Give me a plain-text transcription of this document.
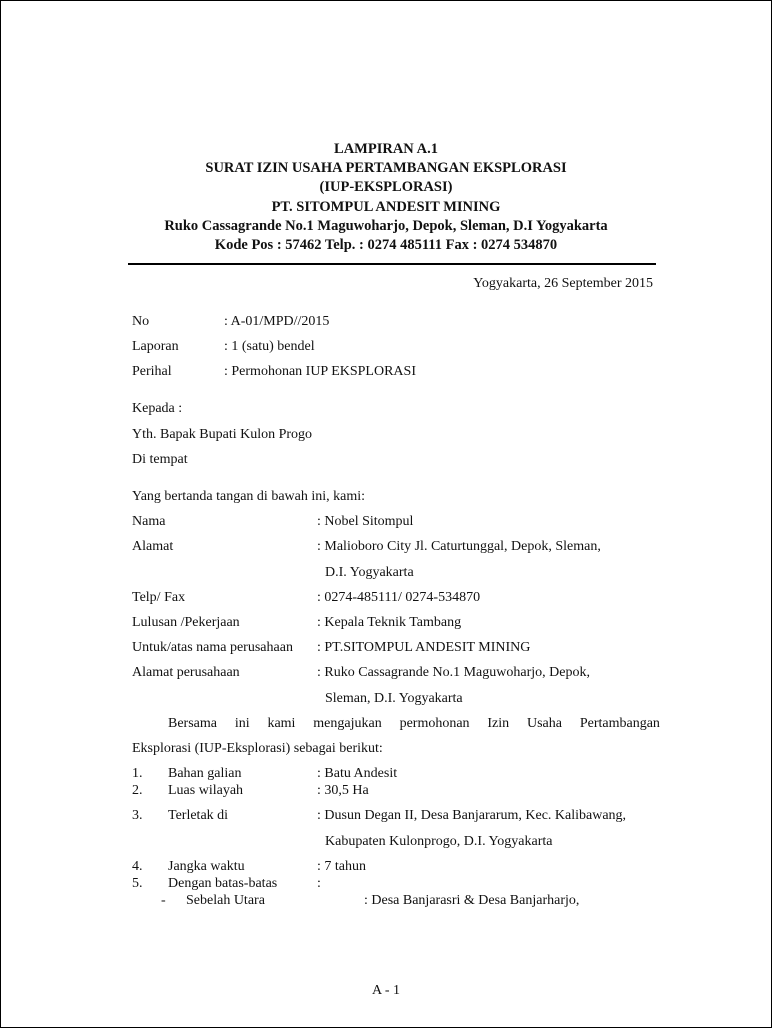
LAMPIRAN A.1
SURAT IZIN USAHA PERTAMBANGAN EKSPLORASI
(IUP-EKSPLORASI)
PT. SITOMPUL ANDESIT MINING
Ruko Cassagrande No.1 Maguwoharjo, Depok, Sleman, D.I Yogyakarta
Kode Pos : 57462 Telp. : 0274 485111 Fax : 0274 534870
Yogyakarta, 26 September 2015
No	: A-01/MPD//2015
Laporan	: 1 (satu) bendel
Perihal	: Permohonan IUP EKSPLORASI
Kepada :
Yth. Bapak Bupati Kulon Progo
Di tempat
Yang bertanda tangan di bawah ini, kami:
Nama	: Nobel Sitompul
Alamat	: Malioboro City Jl. Caturtunggal, Depok, Sleman,
D.I. Yogyakarta
Telp/ Fax	: 0274-485111/ 0274-534870
Lulusan /Pekerjaan	: Kepala Teknik Tambang
Untuk/atas nama perusahaan : PT.SITOMPUL ANDESIT MINING
Alamat perusahaan	: Ruko Cassagrande No.1 Maguwoharjo, Depok,
Sleman, D.I. Yogyakarta
Bersama ini kami mengajukan permohonan Izin Usaha Pertambangan
Eksplorasi (IUP-Eksplorasi) sebagai berikut:
1. Bahan galian	: Batu Andesit
2. Luas wilayah	: 30,5 Ha
3. Terletak di	: Dusun Degan II, Desa Banjararum, Kec. Kalibawang,
Kabupaten Kulonprogo, D.I. Yogyakarta
4. Jangka waktu	: 7 tahun
5. Dengan batas-batas	:
- Sebelah Utara	: Desa Banjarasri & Desa Banjarharjo,
A - 1
